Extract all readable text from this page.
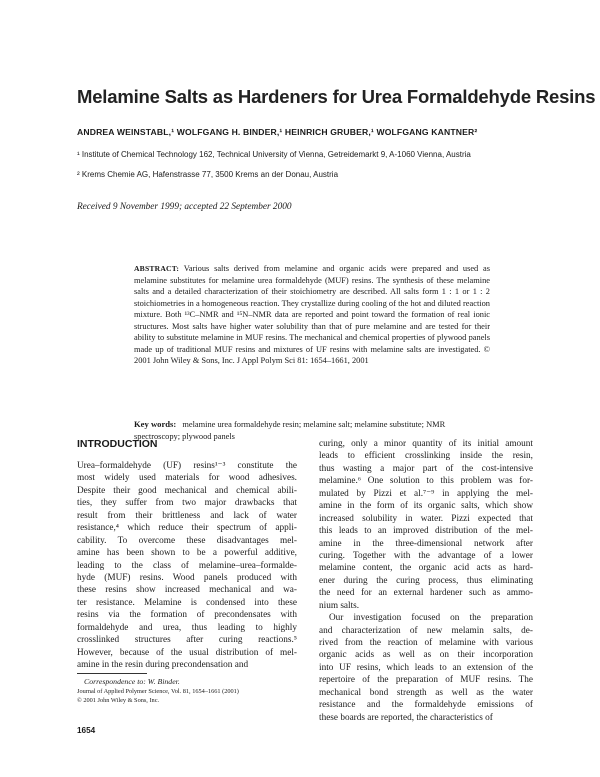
Melamine Salts as Hardeners for Urea Formaldehyde Resins
ANDREA WEINSTABL,¹ WOLFGANG H. BINDER,¹ HEINRICH GRUBER,¹ WOLFGANG KANTNER²
¹ Institute of Chemical Technology 162, Technical University of Vienna, Getreidemarkt 9, A-1060 Vienna, Austria
² Krems Chemie AG, Hafenstrasse 77, 3500 Krems an der Donau, Austria
Received 9 November 1999; accepted 22 September 2000
ABSTRACT: Various salts derived from melamine and organic acids were prepared and used as melamine substitutes for melamine urea formaldehyde (MUF) resins. The synthesis of these melamine salts and a detailed characterization of their stoichiometry are described. All salts form 1 : 1 or 1 : 2 stoichiometries in a homogeneous reaction. They crystallize during cooling of the hot and diluted reaction mixture. Both ¹³C–NMR and ¹⁵N–NMR data are reported and point toward the formation of real ionic structures. Most salts have higher water solubility than that of pure melamine and are tested for their ability to substitute melamine in MUF resins. The mechanical and chemical properties of plywood panels made up of traditional MUF resins and mixtures of UF resins with melamine salts are investigated. © 2001 John Wiley & Sons, Inc. J Appl Polym Sci 81: 1654–1661, 2001
Key words: melamine urea formaldehyde resin; melamine salt; melamine substitute; NMR spectroscopy; plywood panels
INTRODUCTION
Urea–formaldehyde (UF) resins¹⁻³ constitute the
most widely used materials for wood adhesives.
Despite their good mechanical and chemical abili-
ties, they suffer from two major drawbacks that
result from their brittleness and lack of water
resistance,⁴ which reduce their spectrum of appli-
cability. To overcome these disadvantages mel-
amine has been shown to be a powerful additive,
leading to the class of melamine–urea–formalde-
hyde (MUF) resins. Wood panels produced with
these resins show increased mechanical and wa-
ter resistance. Melamine is condensed into these
resins via the formation of precondensates with
formaldehyde and urea, thus leading to highly
crosslinked structures after curing reactions.⁵
However, because of the usual distribution of mel-
amine in the resin during precondensation and
curing, only a minor quantity of its initial amount
leads to efficient crosslinking inside the resin,
thus wasting a major part of the cost-intensive
melamine.⁶ One solution to this problem was for-
mulated by Pizzi et al.⁷⁻⁹ in applying the mel-
amine in the form of its organic salts, which show
increased solubility in water. Pizzi expected that
this leads to an improved distribution of the mel-
amine in the three-dimensional network after
curing. Together with the advantage of a lower
melamine content, the organic acid acts as hard-
ener during the curing process, thus eliminating
the need for an external hardener such as ammo-
nium salts.
Our investigation focused on the preparation
and characterization of new melamin salts, de-
rived from the reaction of melamine with various
organic acids as well as on their incorporation
into UF resins, which leads to an extension of the
repertoire of the preparation of MUF resins. The
mechanical bond strength as well as the water
resistance and the formaldehyde emissions of
these boards are reported, the characteristics of
Correspondence to: W. Binder.
Journal of Applied Polymer Science, Vol. 81, 1654–1661 (2001)
© 2001 John Wiley & Sons, Inc.
1654
